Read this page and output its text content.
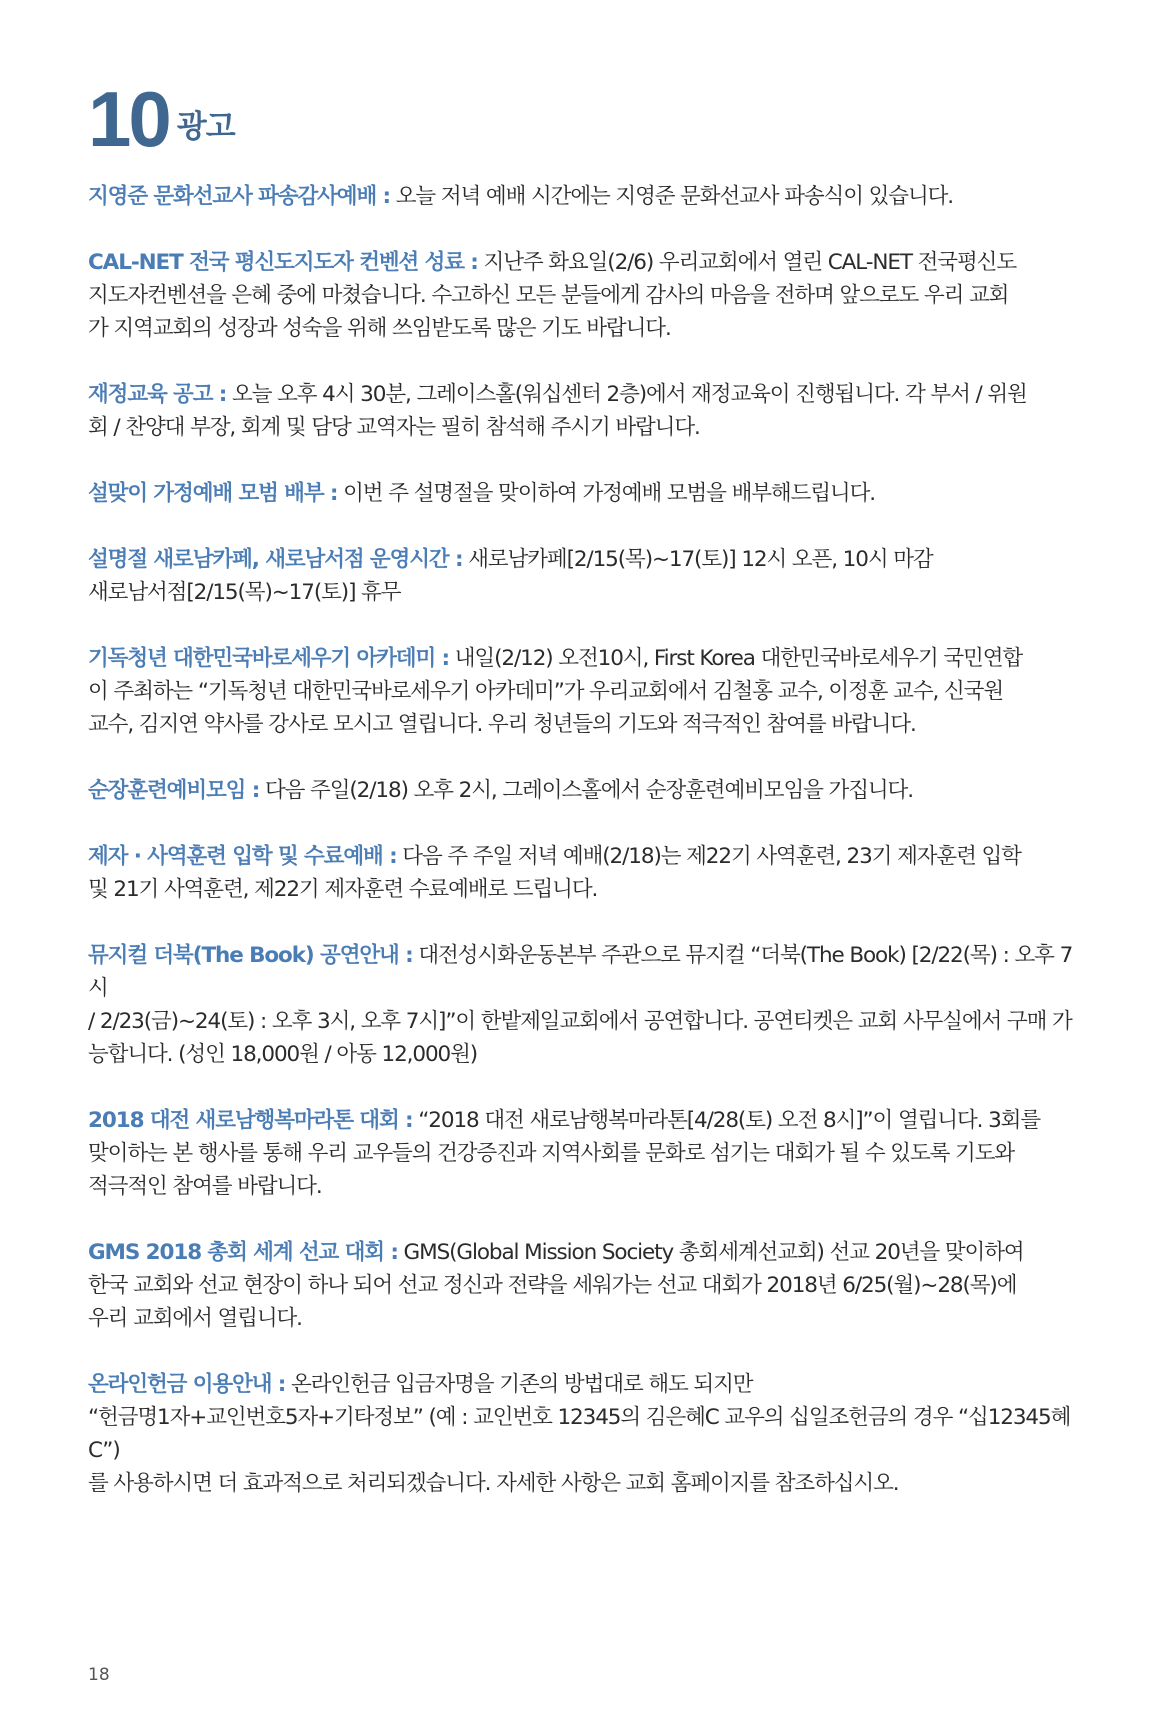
10 광고

지영준 문화선교사 파송감사예배 : 오늘 저녁 예배 시간에는 지영준 문화선교사 파송식이 있습니다.

CAL-NET 전국 평신도지도자 컨벤션 성료 : 지난주 화요일(2/6) 우리교회에서 열린 CAL-NET 전국평신도
지도자컨벤션을 은혜 중에 마쳤습니다. 수고하신 모든 분들에게 감사의 마음을 전하며 앞으로도 우리 교회
가 지역교회의 성장과 성숙을 위해 쓰임받도록 많은 기도 바랍니다.

재정교육 공고 : 오늘 오후 4시 30분, 그레이스홀(워십센터 2층)에서 재정교육이 진행됩니다. 각 부서 / 위원
회 / 찬양대 부장, 회계 및 담당 교역자는 필히 참석해 주시기 바랍니다.

설맞이 가정예배 모범 배부 : 이번 주 설명절을 맞이하여 가정예배 모범을 배부해드립니다.

설명절 새로남카페, 새로남서점 운영시간 : 새로남카페[2/15(목)~17(토)] 12시 오픈, 10시 마감
새로남서점[2/15(목)~17(토)] 휴무

기독청년 대한민국바로세우기 아카데미 : 내일(2/12) 오전10시, First Korea 대한민국바로세우기 국민연합
이 주최하는 “기독청년 대한민국바로세우기 아카데미”가 우리교회에서 김철홍 교수, 이정훈 교수, 신국원
교수, 김지연 약사를 강사로 모시고 열립니다. 우리 청년들의 기도와 적극적인 참여를 바랍니다.

순장훈련예비모임 : 다음 주일(2/18) 오후 2시, 그레이스홀에서 순장훈련예비모임을 가집니다.

제자 · 사역훈련 입학 및 수료예배 : 다음 주 주일 저녁 예배(2/18)는 제22기 사역훈련, 23기 제자훈련 입학
및 21기 사역훈련, 제22기 제자훈련 수료예배로 드립니다.

뮤지컬 더북(The Book) 공연안내 : 대전성시화운동본부 주관으로 뮤지컬 “더북(The Book) [2/22(목) : 오후 7시
/ 2/23(금)~24(토) : 오후 3시, 오후 7시]”이 한밭제일교회에서 공연합니다. 공연티켓은 교회 사무실에서 구매 가
능합니다. (성인 18,000원 / 아동 12,000원)

2018 대전 새로남행복마라톤 대회 : “2018 대전 새로남행복마라톤[4/28(토) 오전 8시]”이 열립니다. 3회를
맞이하는 본 행사를 통해 우리 교우들의 건강증진과 지역사회를 문화로 섬기는 대회가 될 수 있도록 기도와
적극적인 참여를 바랍니다.

GMS 2018 총회 세계 선교 대회 : GMS(Global Mission Society 총회세계선교회) 선교 20년을 맞이하여
한국 교회와 선교 현장이 하나 되어 선교 정신과 전략을 세워가는 선교 대회가 2018년 6/25(월)~28(목)에
우리 교회에서 열립니다.

온라인헌금 이용안내 : 온라인헌금 입금자명을 기존의 방법대로 해도 되지만
“헌금명1자+교인번호5자+기타정보” (예 : 교인번호 12345의 김은혜C 교우의 십일조헌금의 경우 “십12345혜C”)
를 사용하시면 더 효과적으로 처리되겠습니다. 자세한 사항은 교회 홈페이지를 참조하십시오.

18
